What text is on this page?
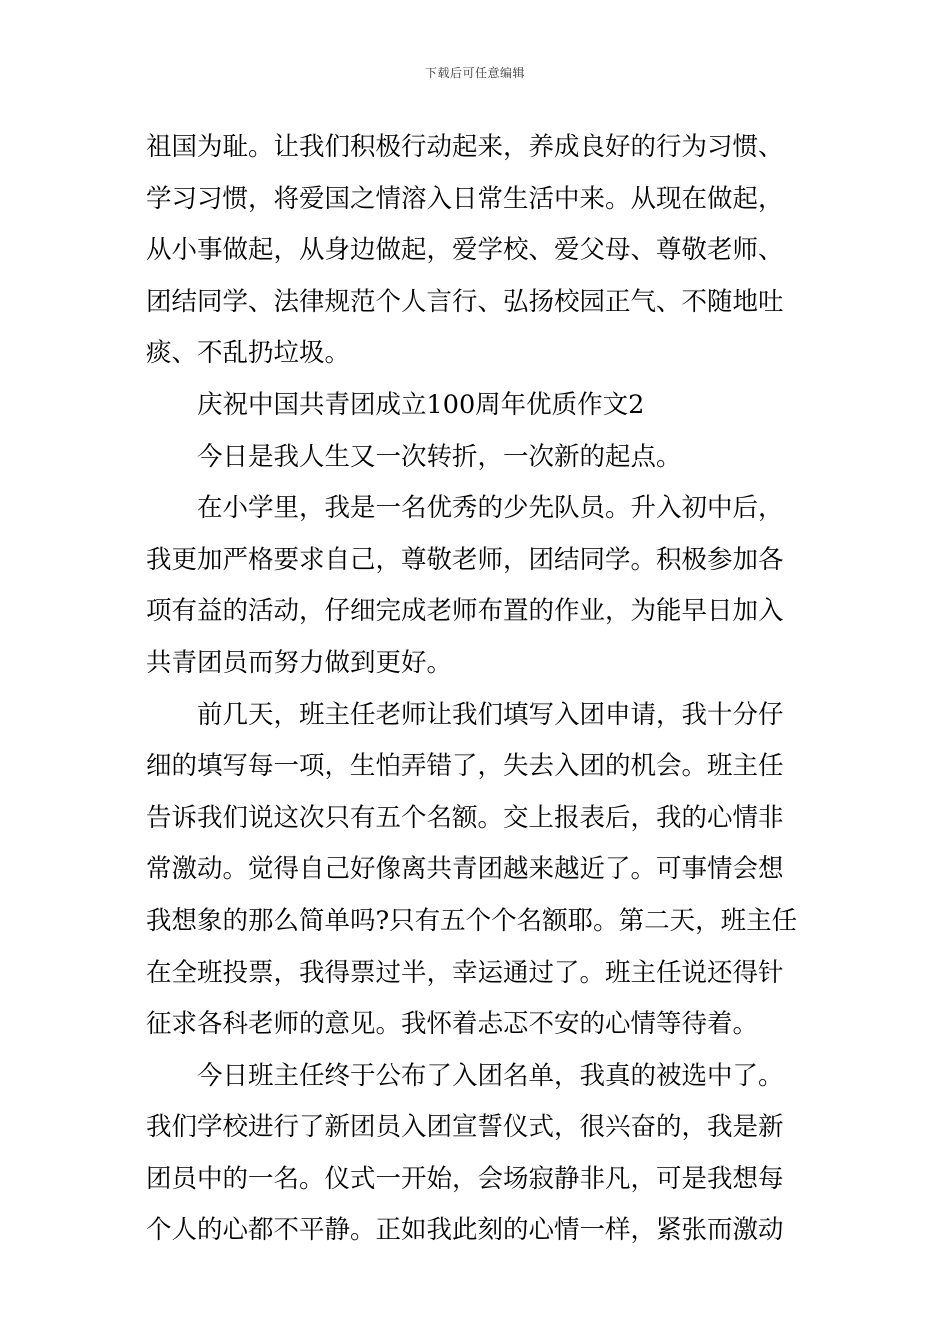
下载后可任意编辑
祖国为耻。让我们积极行动起来，养成良好的行为习惯、
学习习惯，将爱国之情溶入日常生活中来。从现在做起，
从小事做起，从身边做起，爱学校、爱父母、尊敬老师、
团结同学、法律规范个人言行、弘扬校园正气、不随地吐
痰、不乱扔垃圾。
庆祝中国共青团成立100周年优质作文2
今日是我人生又一次转折，一次新的起点。
在小学里，我是一名优秀的少先队员。升入初中后，
我更加严格要求自己，尊敬老师，团结同学。积极参加各
项有益的活动，仔细完成老师布置的作业，为能早日加入
共青团员而努力做到更好。
前几天，班主任老师让我们填写入团申请，我十分仔
细的填写每一项，生怕弄错了，失去入团的机会。班主任
告诉我们说这次只有五个名额。交上报表后，我的心情非
常激动。觉得自己好像离共青团越来越近了。可事情会想
我想象的那么简单吗?只有五个个名额耶。第二天，班主任
在全班投票，我得票过半，幸运通过了。班主任说还得针
征求各科老师的意见。我怀着忐忑不安的心情等待着。
今日班主任终于公布了入团名单，我真的被选中了。
我们学校进行了新团员入团宣誓仪式，很兴奋的，我是新
团员中的一名。仪式一开始，会场寂静非凡，可是我想每
个人的心都不平静。正如我此刻的心情一样，紧张而激动
